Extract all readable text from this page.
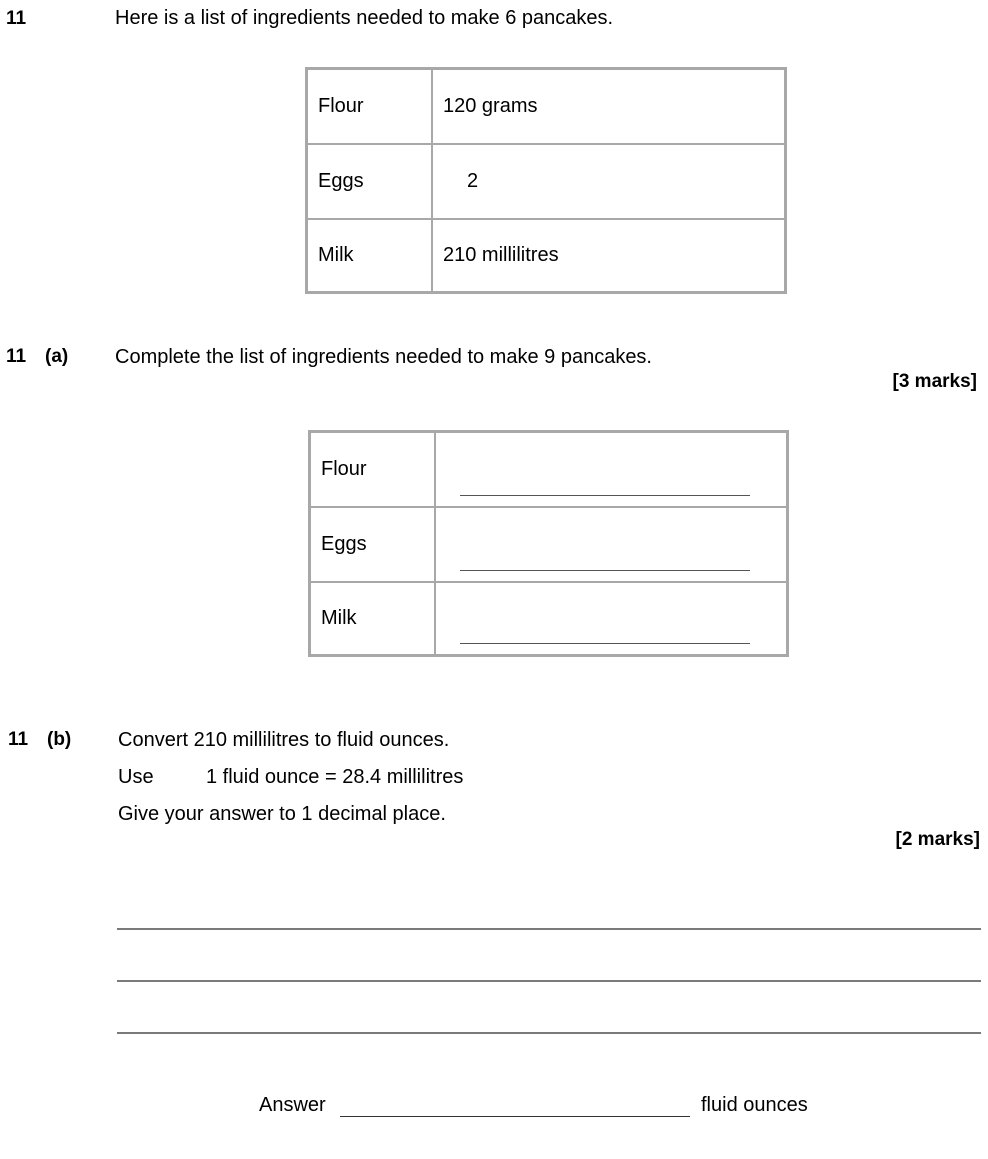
11	Here is a list of ingredients needed to make 6 pancakes.
Flour	120 grams
Eggs	2
Milk	210 millilitres
11 (a) Complete the list of ingredients needed to make 9 pancakes.
[3 marks]
Flour	

Eggs	

Milk	
11 (b) Convert 210 millilitres to fluid ounces.
Use	1 fluid ounce = 28.4 millilitres
Give your answer to 1 decimal place.
[2 marks]
Answer	fluid ounces
